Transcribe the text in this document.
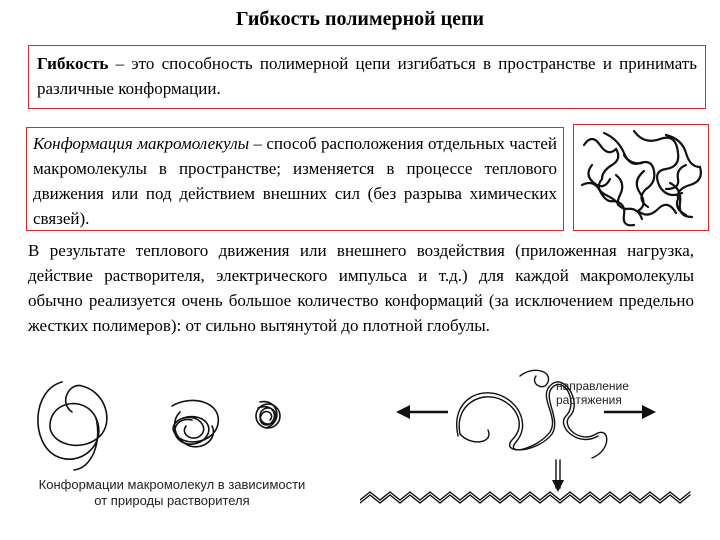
Гибкость полимерной цепи
Гибкость – это способность полимерной цепи изгибаться в пространстве и принимать различные конформации.
Конформация макромолекулы – способ расположения отдельных частей макромолекулы в пространстве; изменяется в процессе теплового движения или под действием внешних сил (без разрыва химических связей).
В результате теплового движения или внешнего воздействия (приложенная нагрузка, действие растворителя, электрического импульса и т.д.) для каждой макромолекулы обычно реализуется очень большое количество конформаций (за исключением предельно жестких полимеров): от сильно вытянутой до плотной глобулы.
Конформации макромолекул в зависимости
от природы растворителя
направление
растяжения
